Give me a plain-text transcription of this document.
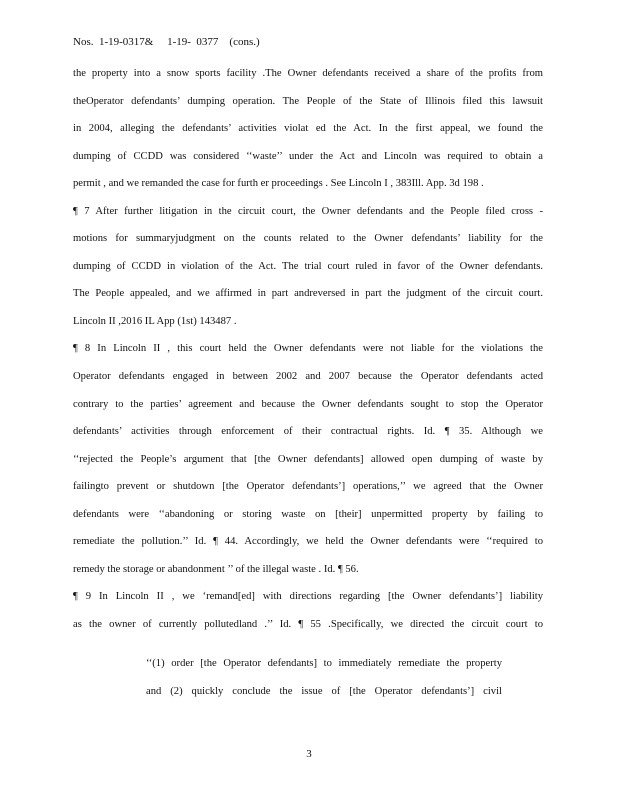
Nos.  1-19-0317&     1-19-  0377    (cons.)
the property into a snow sports facility .The Owner defendants received a share of the profits from
theOperator defendants’ dumping operation. The People of the State of Illinois filed this lawsuit
in 2004, alleging the defendants’ activities violat ed the Act. In the first appeal, we found the
dumping of CCDD was considered ‘‘waste’’ under the Act and Lincoln was required to obtain a
permit , and we remanded the case for furth er proceedings . See Lincoln I , 383Ill. App. 3d 198 .
¶ 7 After further litigation in the circuit court, the Owner defendants and the People filed cross -
motions for summaryjudgment on the counts related to the Owner defendants’ liability for the
dumping of CCDD in violation of the Act. The trial court ruled in favor of the Owner defendants.
The People appealed, and we affirmed in part andreversed in part the judgment of the circuit court.
Lincoln II ,2016 IL App (1st) 143487 .
¶ 8 In Lincoln II , this court held the Owner defendants were not liable for the violations the
Operator defendants engaged in between 2002 and 2007 because the Operator defendants acted
contrary to the parties’ agreement and because the Owner defendants sought to stop the Operator
defendants’ activities through enforcement of their contractual rights. Id. ¶ 35. Although we
‘‘rejected the People’s argument that [the Owner defendants] allowed open dumping of waste by
failingto prevent or shutdown [the Operator defendants’] operations,’’ we agreed that the Owner
defendants were ‘‘abandoning or storing waste on [their] unpermitted property by failing to
remediate the pollution.’’ Id. ¶ 44. Accordingly, we held the Owner defendants were ‘‘required to
remedy the storage or abandonment ’’ of the illegal waste . Id. ¶ 56.
¶ 9 In Lincoln II , we ‘remand[ed] with directions regarding [the Owner defendants’] liability
as the owner of currently pollutedland .’’ Id. ¶ 55 .Specifically, we directed the circuit court to
‘‘(1) order [the Operator defendants] to immediately remediate the property
and (2) quickly conclude the issue of [the Operator defendants’] civil
3
